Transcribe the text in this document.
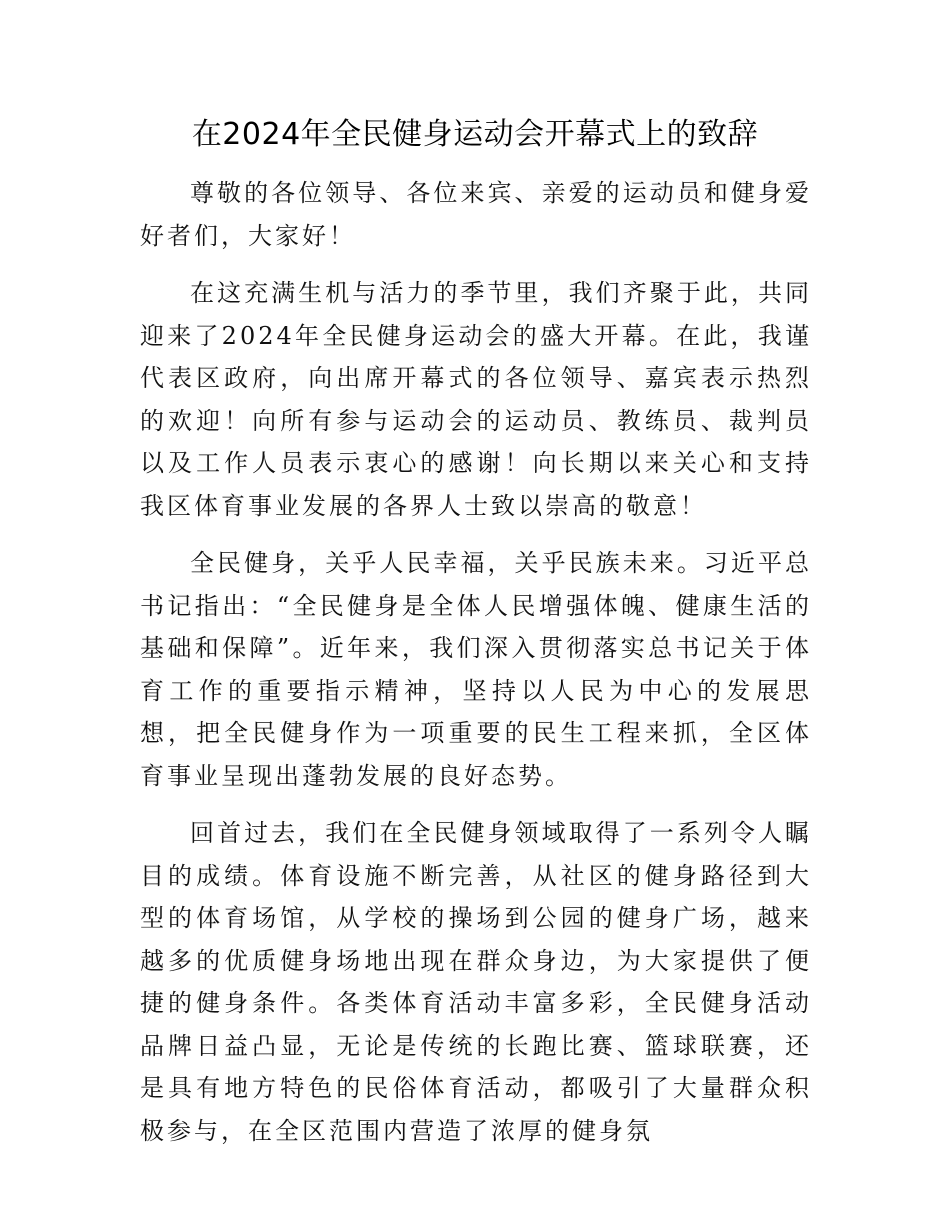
在2024年全民健身运动会开幕式上的致辞

尊敬的各位领导、各位来宾、亲爱的运动员和健身爱好者们，大家好！

在这充满生机与活力的季节里，我们齐聚于此，共同迎来了2024年全民健身运动会的盛大开幕。在此，我谨代表区政府，向出席开幕式的各位领导、嘉宾表示热烈的欢迎！向所有参与运动会的运动员、教练员、裁判员以及工作人员表示衷心的感谢！向长期以来关心和支持我区体育事业发展的各界人士致以崇高的敬意！

全民健身，关乎人民幸福，关乎民族未来。习近平总书记指出：“全民健身是全体人民增强体魄、健康生活的基础和保障”。近年来，我们深入贯彻落实总书记关于体育工作的重要指示精神，坚持以人民为中心的发展思想，把全民健身作为一项重要的民生工程来抓，全区体育事业呈现出蓬勃发展的良好态势。

回首过去，我们在全民健身领域取得了一系列令人瞩目的成绩。体育设施不断完善，从社区的健身路径到大型的体育场馆，从学校的操场到公园的健身广场，越来越多的优质健身场地出现在群众身边，为大家提供了便捷的健身条件。各类体育活动丰富多彩，全民健身活动品牌日益凸显，无论是传统的长跑比赛、篮球联赛，还是具有地方特色的民俗体育活动，都吸引了大量群众积极参与，在全区范围内营造了浓厚的健身氛
